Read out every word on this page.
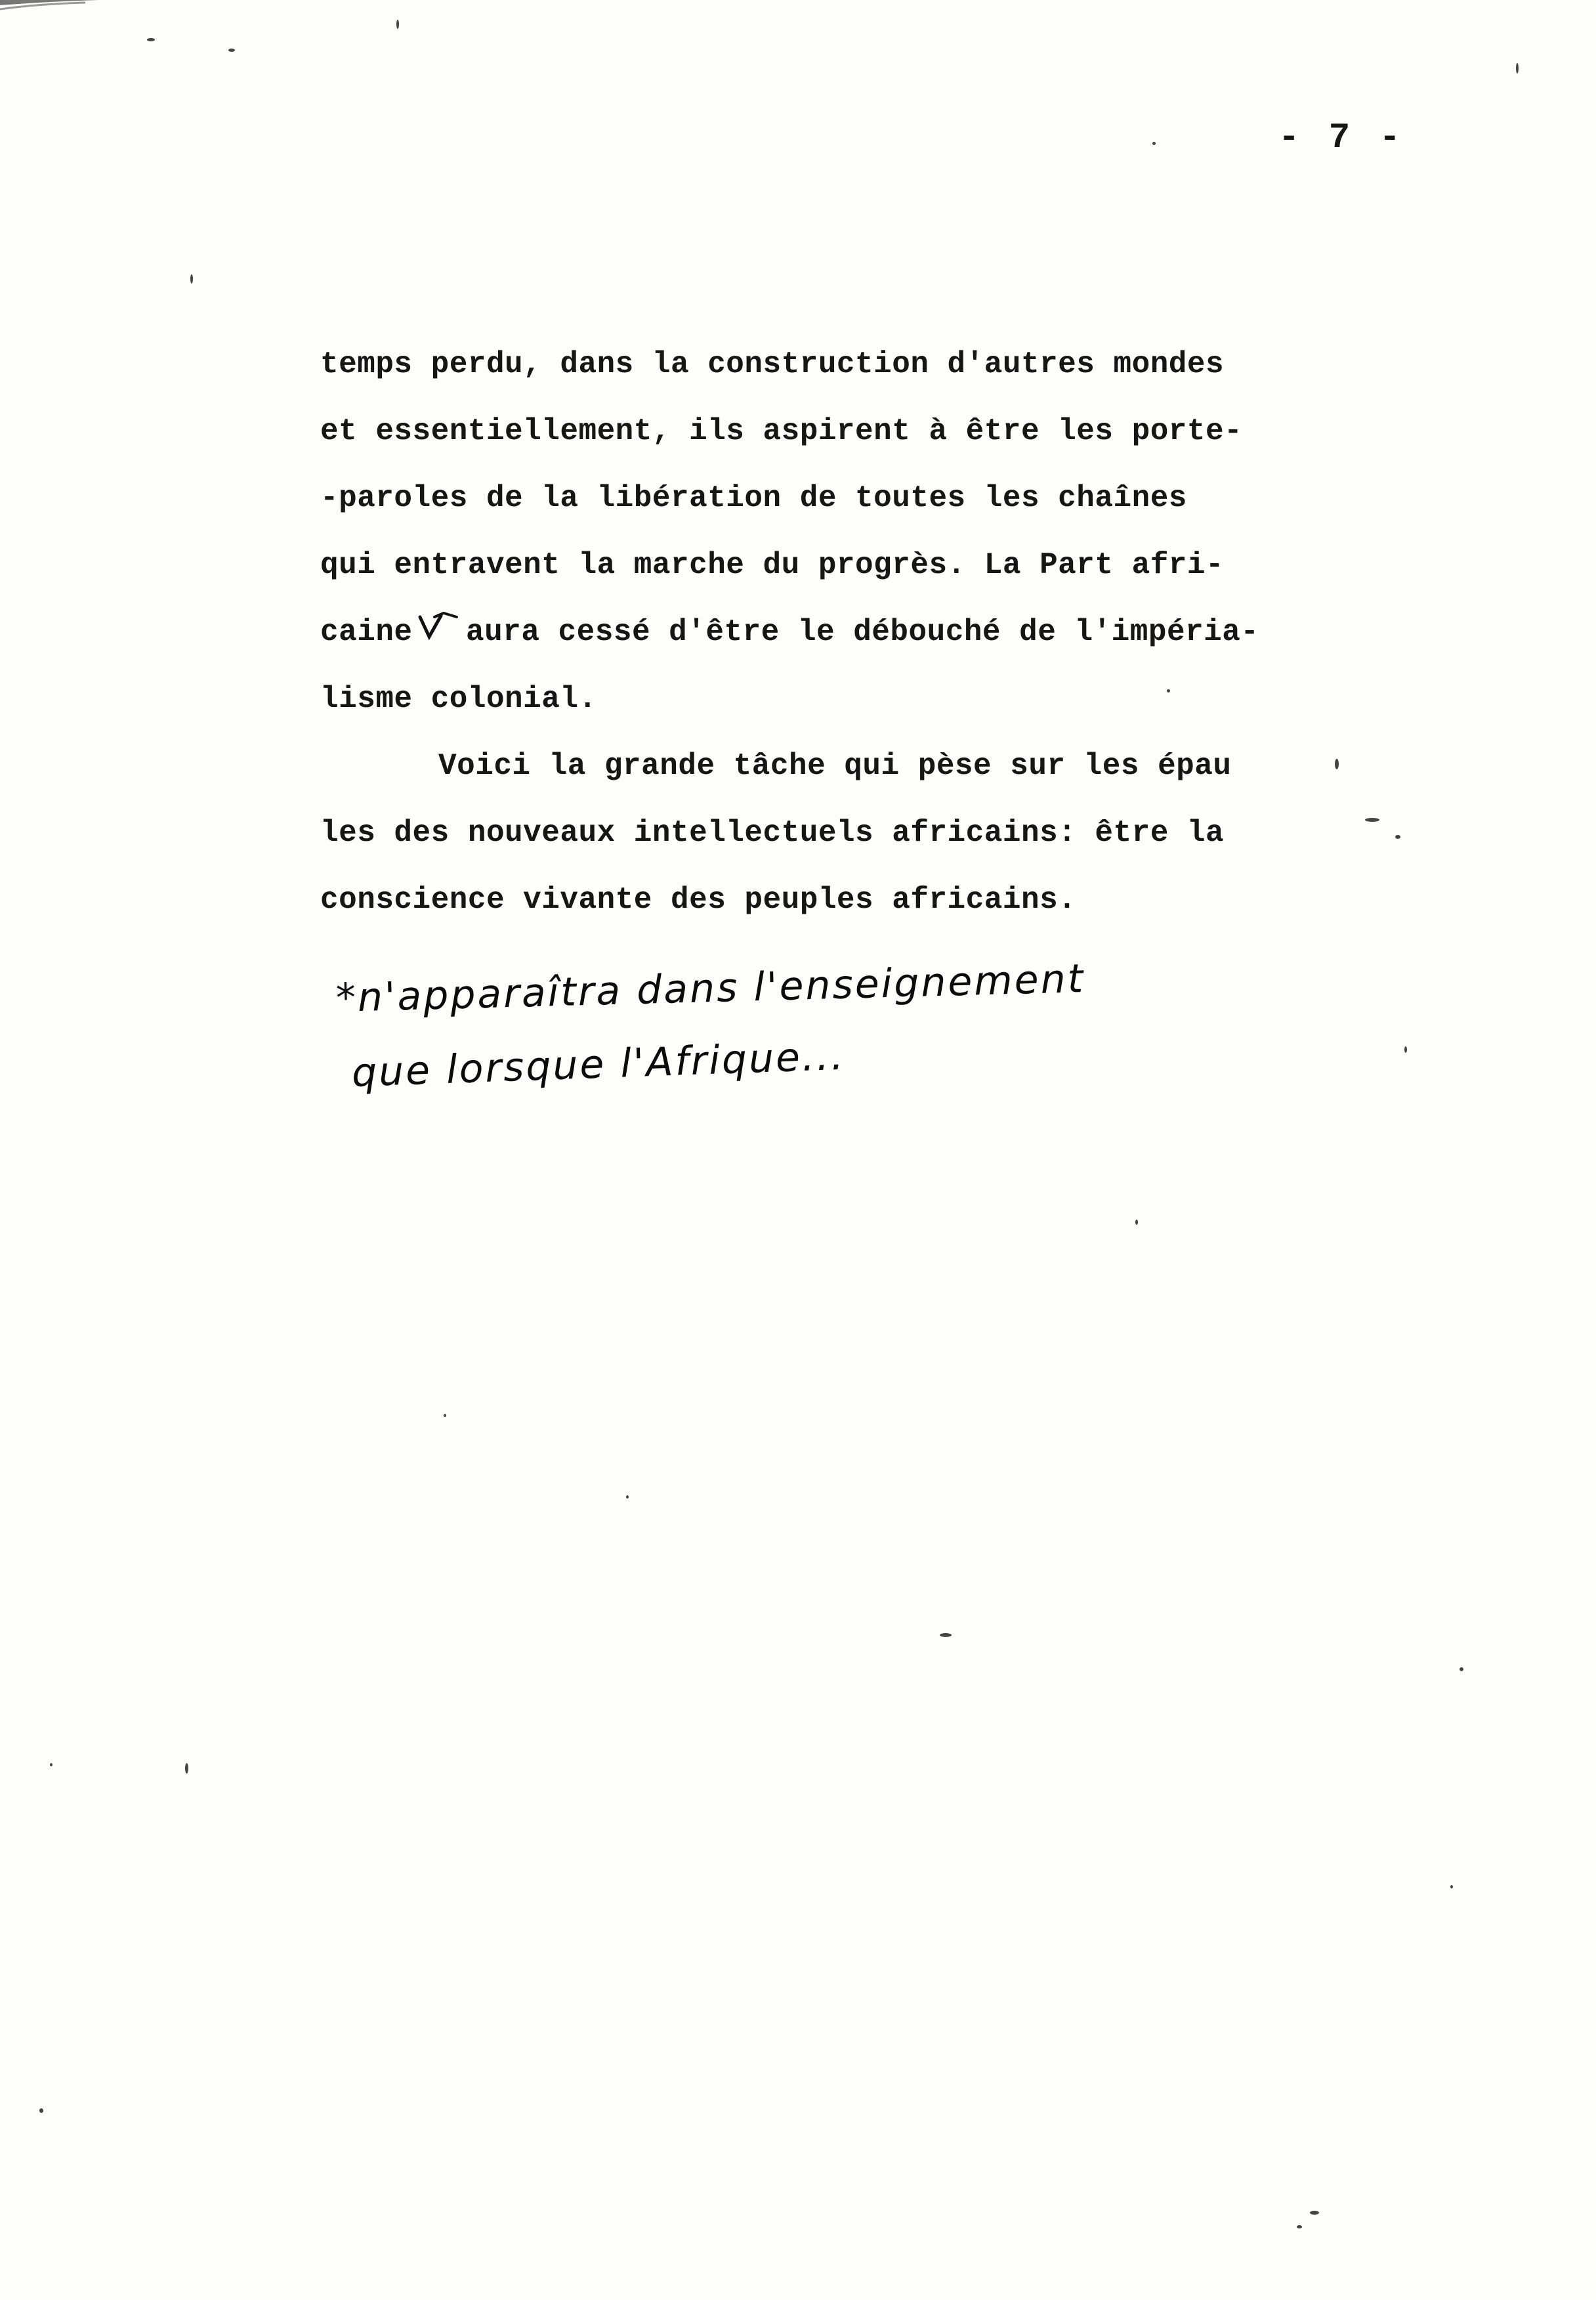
- 7 -
temps perdu, dans la construction d'autres mondes
et essentiellement, ils aspirent à être les porte-
-paroles de la libération de toutes les chaînes
qui entravent la marche du progrès. La Part afri-
caine aura cessé d'être le débouché de l'impéria-
lisme colonial.
Voici la grande tâche qui pèse sur les épau
les des nouveaux intellectuels africains: être la
conscience vivante des peuples africains.
*n'apparaîtra dans l'enseignement
que lorsque l'Afrique...
